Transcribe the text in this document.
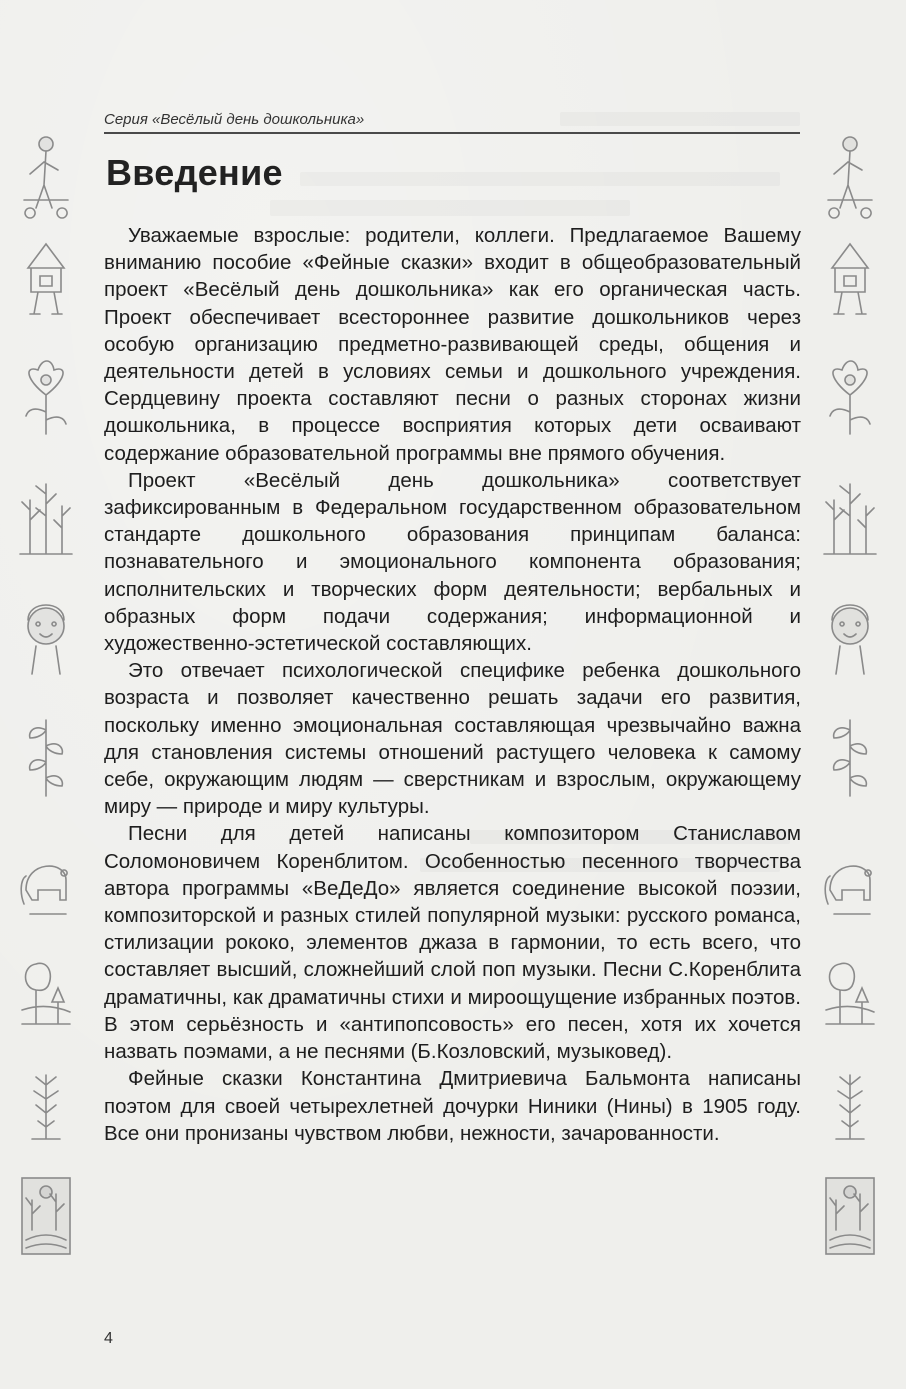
Серия «Весёлый день дошкольника»
Введение

Уважаемые взрослые: родители, коллеги. Предлагаемое Вашему вниманию пособие «Фейные сказки» входит в общеобразовательный проект «Весёлый день дошкольника» как его органическая часть. Проект обеспечивает всестороннее развитие дошкольников через особую организацию предметно-развивающей среды, общения и деятельности детей в условиях семьи и дошкольного учреждения. Сердцевину проекта составляют песни о разных сторонах жизни дошкольника, в процессе восприятия которых дети осваивают содержание образовательной программы вне прямого обучения.

Проект «Весёлый день дошкольника» соответствует зафиксированным в Федеральном государственном образовательном стандарте дошкольного образования принципам баланса: познавательного и эмоционального компонента образования; исполнительских и творческих форм деятельности; вербальных и образных форм подачи содержания; информационной и художественно-эстетической составляющих.

Это отвечает психологической специфике ребенка дошкольного возраста и позволяет качественно решать задачи его развития, поскольку именно эмоциональная составляющая чрезвычайно важна для становления системы отношений растущего человека к самому себе, окружающим людям — сверстникам и взрослым, окружающему миру — природе и миру культуры.

Песни для детей написаны композитором Станиславом Соломоновичем Коренблитом. Особенностью песенного творчества автора программы «ВеДеДо» является соединение высокой поэзии, композиторской и разных стилей популярной музыки: русского романса, стилизации рококо, элементов джаза в гармонии, то есть всего, что составляет высший, сложнейший слой поп музыки. Песни С.Коренблита драматичны, как драматичны стихи и мироощущение избранных поэтов. В этом серьёзность и «антипопсовость» его песен, хотя их хочется назвать поэмами, а не песнями (Б.Козловский, музыковед).

Фейные сказки Константина Дмитриевича Бальмонта написаны поэтом для своей четырехлетней дочурки Ниники (Нины) в 1905 году. Все они пронизаны чувством любви, нежности, зачарованности.

4
